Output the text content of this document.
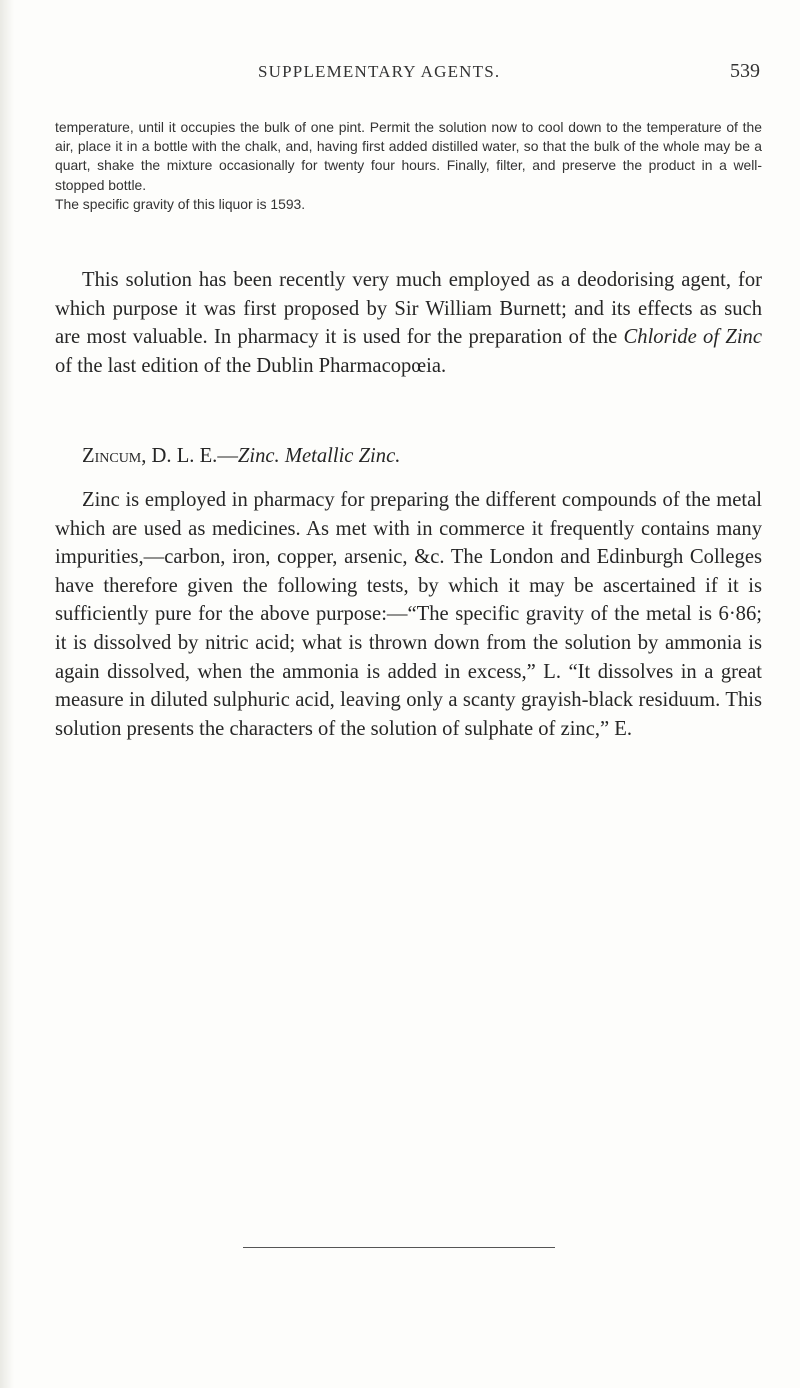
SUPPLEMENTARY AGENTS.	539

temperature, until it occupies the bulk of one pint. Permit the solution now to cool down to the temperature of the air, place it in a bottle with the chalk, and, having first added distilled water, so that the bulk of the whole may be a quart, shake the mixture occasionally for twenty four hours. Finally, filter, and preserve the product in a well-stopped bottle.

The specific gravity of this liquor is 1593.

This solution has been recently very much employed as a deodorising agent, for which purpose it was first proposed by Sir William Burnett; and its effects as such are most valuable. In pharmacy it is used for the preparation of the Chloride of Zinc of the last edition of the Dublin Pharmacopœia.

Zincum, D. L. E.—Zinc. Metallic Zinc.

Zinc is employed in pharmacy for preparing the different compounds of the metal which are used as medicines. As met with in commerce it frequently contains many impurities,—carbon, iron, copper, arsenic, &c. The London and Edinburgh Colleges have therefore given the following tests, by which it may be ascertained if it is sufficiently pure for the above purpose:—“The specific gravity of the metal is 6·86; it is dissolved by nitric acid; what is thrown down from the solution by ammonia is again dissolved, when the ammonia is added in excess,” L. “It dissolves in a great measure in diluted sulphuric acid, leaving only a scanty grayish-black residuum. This solution presents the characters of the solution of sulphate of zinc,” E.
